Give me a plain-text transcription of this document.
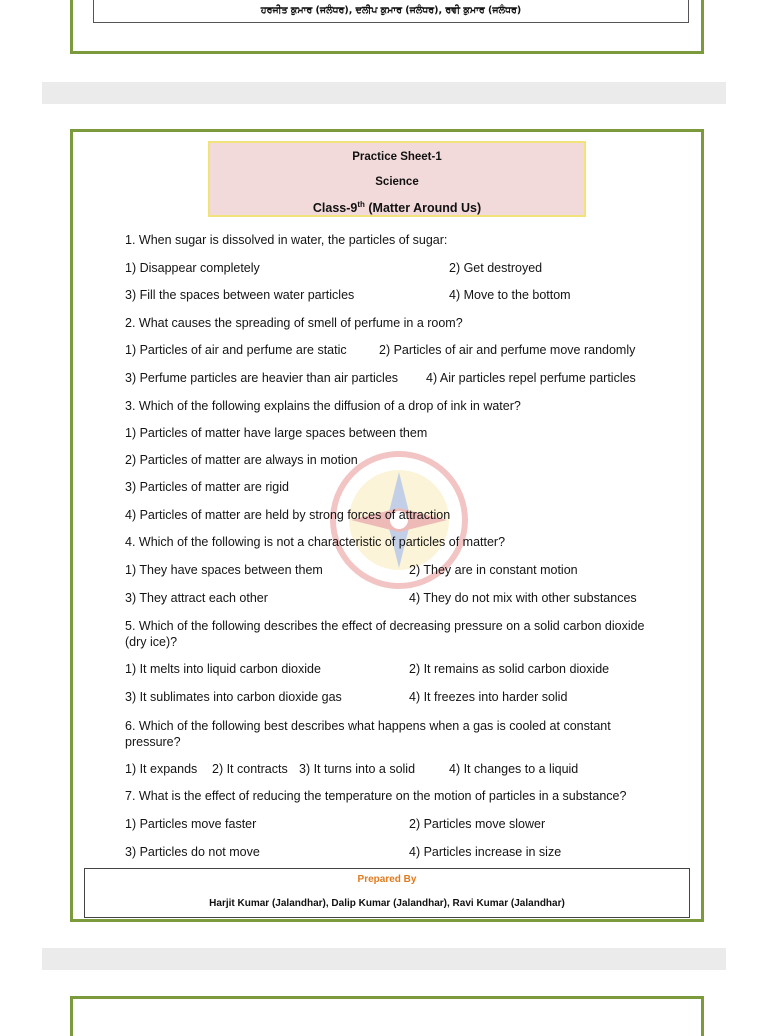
ਹਰਜੀਤ ਕੁਮਾਰ (ਜਲੰਧਰ), ਦਲੀਪ ਕੁਮਾਰ (ਜਲੰਧਰ), ਰਵੀ ਕੁਮਾਰ (ਜਲੰਧਰ)
Practice Sheet-1
Science
Class-9th (Matter Around Us)
1. When sugar is dissolved in water, the particles of sugar:
1) Disappear completely	2) Get destroyed
3) Fill the spaces between water particles	4) Move to the bottom
2. What causes the spreading of smell of perfume in a room?
1) Particles of air and perfume are static	2) Particles of air and perfume move randomly
3) Perfume particles are heavier than air particles 4) Air particles repel perfume particles
3. Which of the following explains the diffusion of a drop of ink in water?
1) Particles of matter have large spaces between them
2) Particles of matter are always in motion
3) Particles of matter are rigid
4) Particles of matter are held by strong forces of attraction
4. Which of the following is not a characteristic of particles of matter?
1) They have spaces between them	2) They are in constant motion
3) They attract each other	4) They do not mix with other substances
5. Which of the following describes the effect of decreasing pressure on a solid carbon dioxide (dry ice)?
1) It melts into liquid carbon dioxide	2) It remains as solid carbon dioxide
3) It sublimates into carbon dioxide gas	4) It freezes into harder solid
6. Which of the following best describes what happens when a gas is cooled at constant pressure?
1) It expands 2) It contracts 3) It turns into a solid	4) It changes to a liquid
7. What is the effect of reducing the temperature on the motion of particles in a substance?
1) Particles move faster	2) Particles move slower
3) Particles do not move	4) Particles increase in size
Prepared By
Harjit Kumar (Jalandhar), Dalip Kumar (Jalandhar), Ravi Kumar (Jalandhar)
